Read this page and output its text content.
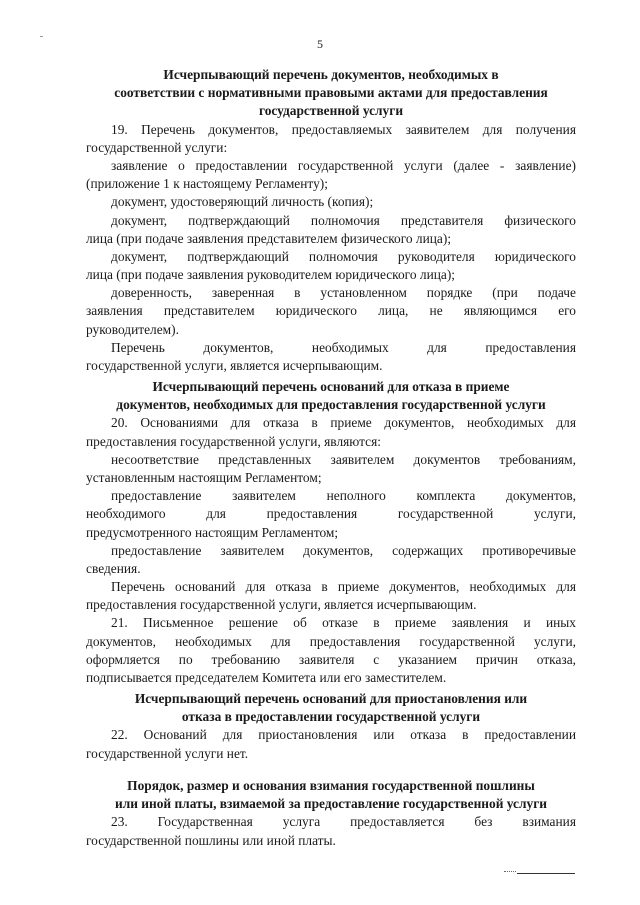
5
Исчерпывающий перечень документов, необходимых в
соответствии с нормативными правовыми актами для предоставления
государственной услуги
19. Перечень документов, предоставляемых заявителем для получения
государственной услуги:
заявление о предоставлении государственной услуги (далее - заявление)
(приложение 1 к настоящему Регламенту);
документ, удостоверяющий личность (копия);
документ, подтверждающий полномочия представителя физического
лица (при подаче заявления представителем физического лица);
документ, подтверждающий полномочия руководителя юридического
лица (при подаче заявления руководителем юридического лица);
доверенность, заверенная в установленном порядке (при подаче
заявления представителем юридического лица, не являющимся его
руководителем).
Перечень документов, необходимых для предоставления
государственной услуги, является исчерпывающим.
Исчерпывающий перечень оснований для отказа в приеме
документов, необходимых для предоставления государственной услуги
20. Основаниями для отказа в приеме документов, необходимых для
предоставления государственной услуги, являются:
несоответствие представленных заявителем документов требованиям,
установленным настоящим Регламентом;
предоставление заявителем неполного комплекта документов,
необходимого для предоставления государственной услуги,
предусмотренного настоящим Регламентом;
предоставление заявителем документов, содержащих противоречивые
сведения.
Перечень оснований для отказа в приеме документов, необходимых для
предоставления государственной услуги, является исчерпывающим.
21. Письменное решение об отказе в приеме заявления и иных
документов, необходимых для предоставления государственной услуги,
оформляется по требованию заявителя с указанием причин отказа,
подписывается председателем Комитета или его заместителем.
Исчерпывающий перечень оснований для приостановления или
отказа в предоставлении государственной услуги
22. Оснований для приостановления или отказа в предоставлении
государственной услуги нет.
Порядок, размер и основания взимания государственной пошлины
или иной платы, взимаемой за предоставление государственной услуги
23. Государственная услуга предоставляется без взимания
государственной пошлины или иной платы.
